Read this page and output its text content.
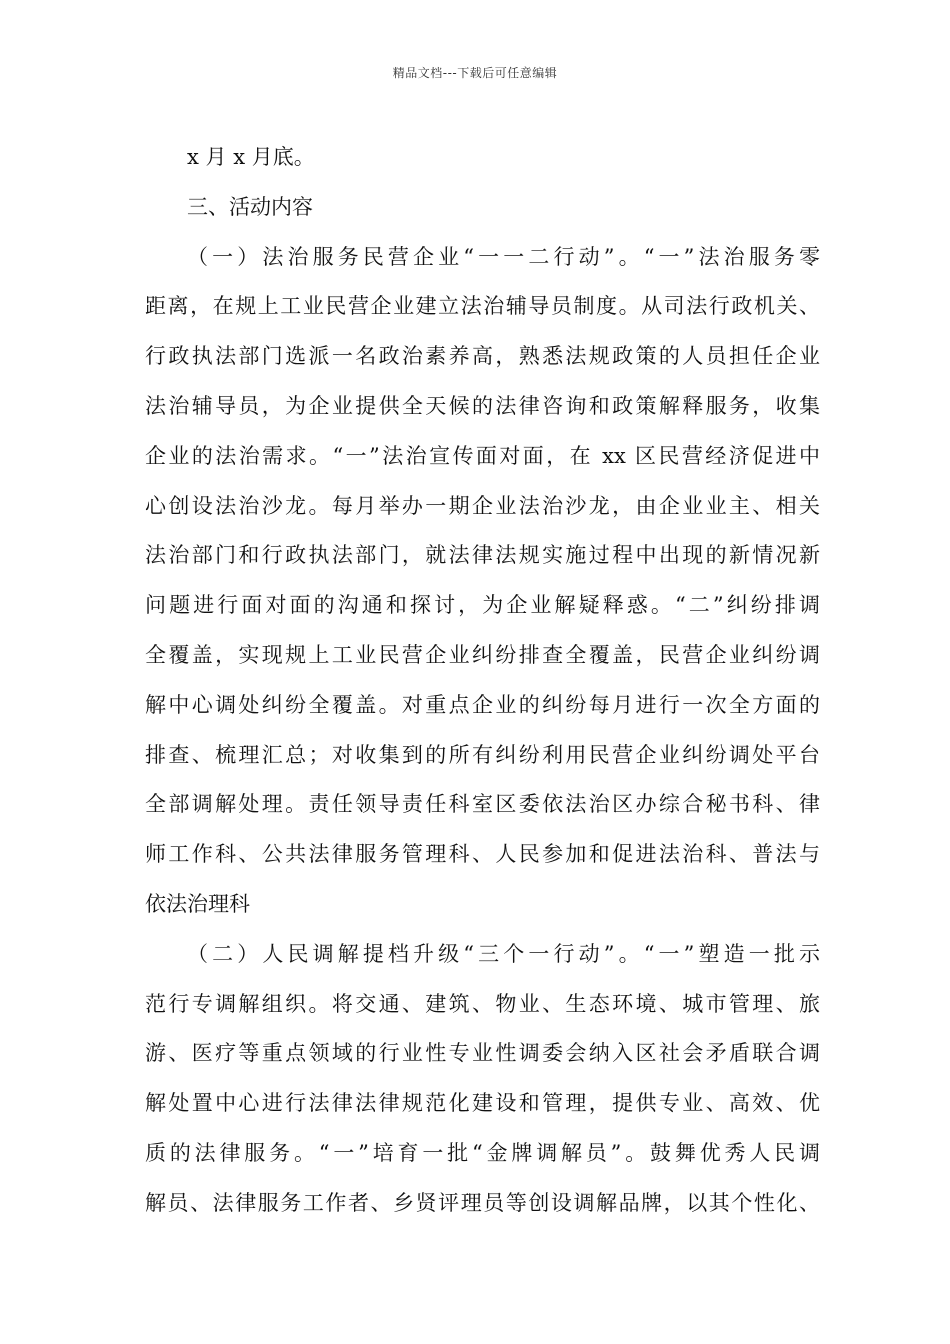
精品文档---下载后可任意编辑
x 月 x 月底。
三、活动内容
（一）法治服务民营企业“一一二行动”。“一”法治服务零
距离，在规上工业民营企业建立法治辅导员制度。从司法行政机关、
行政执法部门选派一名政治素养高，熟悉法规政策的人员担任企业
法治辅导员，为企业提供全天候的法律咨询和政策解释服务，收集
企业的法治需求。“一”法治宣传面对面，在 xx 区民营经济促进中
心创设法治沙龙。每月举办一期企业法治沙龙，由企业业主、相关
法治部门和行政执法部门，就法律法规实施过程中出现的新情况新
问题进行面对面的沟通和探讨，为企业解疑释惑。“二”纠纷排调
全覆盖，实现规上工业民营企业纠纷排查全覆盖，民营企业纠纷调
解中心调处纠纷全覆盖。对重点企业的纠纷每月进行一次全方面的
排查、梳理汇总；对收集到的所有纠纷利用民营企业纠纷调处平台
全部调解处理。责任领导责任科室区委依法治区办综合秘书科、律
师工作科、公共法律服务管理科、人民参加和促进法治科、普法与
依法治理科
（二）人民调解提档升级“三个一行动”。“一”塑造一批示
范行专调解组织。将交通、建筑、物业、生态环境、城市管理、旅
游、医疗等重点领域的行业性专业性调委会纳入区社会矛盾联合调
解处置中心进行法律法律规范化建设和管理，提供专业、高效、优
质的法律服务。“一”培育一批“金牌调解员”。鼓舞优秀人民调
解员、法律服务工作者、乡贤评理员等创设调解品牌，以其个性化、
